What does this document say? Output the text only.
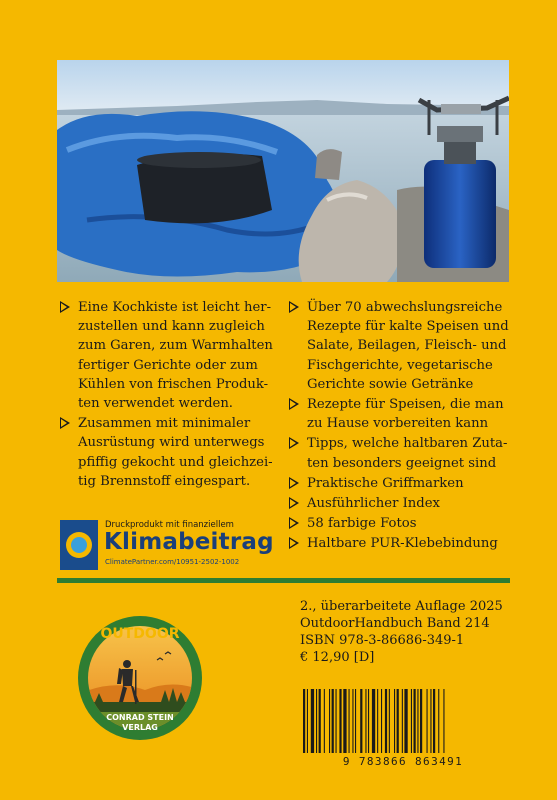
Eine Kochkiste ist leicht her-
zustellen und kann zugleich
zum Garen, zum Warmhalten
fertiger Gerichte oder zum
Kühlen von frischen Produk-
ten verwendet werden.
Zusammen mit minimaler
Ausrüstung wird unterwegs
pfiffig gekocht und gleichzei-
tig Brennstoff eingespart.
Über 70 abwechslungsreiche
Rezepte für kalte Speisen und
Salate, Beilagen, Fleisch- und
Fischgerichte, vegetarische
Gerichte sowie Getränke
Rezepte für Speisen, die man
zu Hause vorbereiten kann
Tipps, welche haltbaren Zuta-
ten besonders geeignet sind
Praktische Griffmarken
Ausführlicher Index
58 farbige Fotos
Haltbare PUR-Klebebindung
Druckprodukt mit finanziellem
Klimabeitrag
ClimatePartner.com/10951-2502-1002
OUTDOOR
CONRAD STEIN
VERLAG
2., überarbeitete Auflage 2025
OutdoorHandbuch Band 214
ISBN 978-3-86686-349-1
€ 12,90 [D]
9 783866 863491
